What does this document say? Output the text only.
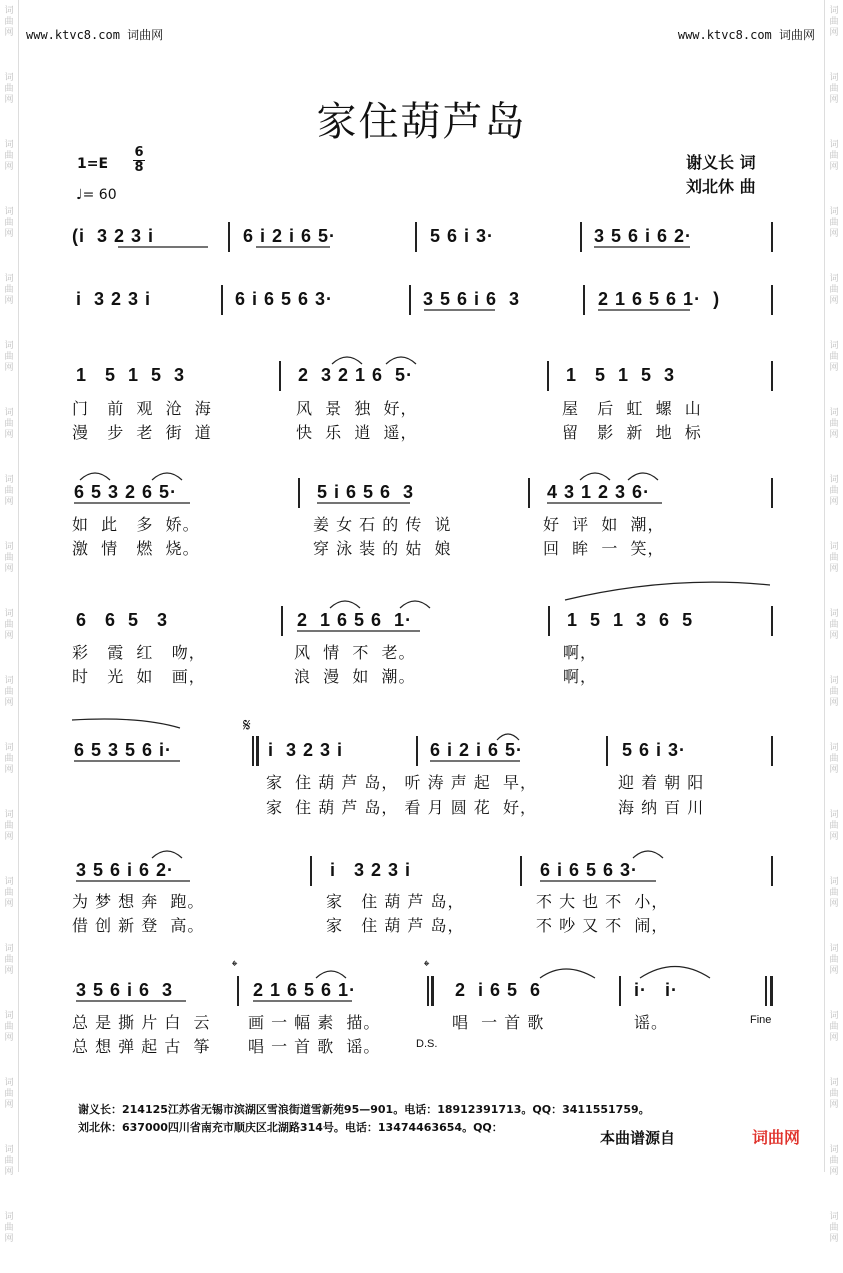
词
曲
网
词
曲
网
词
曲
网
词
曲
网
词
曲
网
词
曲
网
词
曲
网
词
曲
网
词
曲
网
词
曲
网
词
曲
网
词
曲
网
词
曲
网
词
曲
网
词
曲
网
词
曲
网
词
曲
网
词
曲
网
词
曲
网
词
曲
网
词
曲
网
词
曲
网
词
曲
网
词
曲
网
词
曲
网
词
曲
网
词
曲
网
词
曲
网
词
曲
网
词
曲
网
词
曲
网
词
曲
网
词
曲
网
词
曲
网
词
曲
网
词
曲
网
词
曲
网
词
曲
网
www.ktvc8.com 词曲网	www.ktvc8.com 词曲网
家住葫芦岛
1=E
6
8
♩= 60
谢义长 词
刘北休 曲
(i  3 2 3 i	6 i 2 i 6 5·	5 6 i 3·	3 5 6 i 6 2·
i  3 2 3 i	6 i 6 5 6 3·	3 5 6 i 6  3	2 1 6 5 6 1·  )
1   5  1  5  3	2  3 2 1 6  5·	1   5  1  5  3
门   前  观  沧  海	风  景  独  好，	屋   后  虹  螺  山
漫   步  老  街  道	快  乐  逍  遥，	留   影  新  地  标
6 5 3 2 6 5·	5 i 6 5 6  3	4 3 1 2 3 6·
如  此   多  娇。	姜 女 石 的 传  说	好  评  如  潮，
激  情   燃  烧。	穿 泳 装 的 姑  娘	回  眸  一  笑，
6   6  5   3	2  1 6 5 6  1·	1  5  1  3  6  5
彩   霞  红   吻，	风  情  不  老。	啊，
时   光  如   画，	浪  漫  如  潮。	啊，
𝄋
6 5 3 5 6 i·	i  3 2 3 i	6 i 2 i 6 5·	5 6 i 3·
家  住 葫 芦 岛， 听 涛 声 起  早，	迎 着 朝 阳
家  住 葫 芦 岛， 看 月 圆 花  好，	海 纳 百 川
3 5 6 i 6 2·	i   3 2 3 i	6 i 6 5 6 3·
为 梦 想 奔  跑。	家   住 葫 芦 岛，	不 大 也 不  小，
借 创 新 登  高。	家   住 葫 芦 岛，	不 吵 又 不  闹，
𝄌	𝄌
3 5 6 i 6  3	2 1 6 5 6 1·	2  i 6 5  6	i·   i·
总 是 撕 片 白  云 画 一 幅 素  描。	唱  一 首 歌	谣。	Fine
总 想 弹 起 古  筝 唱 一 首 歌  谣。	D.S.
谢义长：214125江苏省无锡市滨湖区雪浪街道雪新苑95—901。电话：18912391713。QQ：3411551759。
刘北休：637000四川省南充市顺庆区北湖路314号。电话：13474463654。QQ：
本曲谱源自	词曲网
